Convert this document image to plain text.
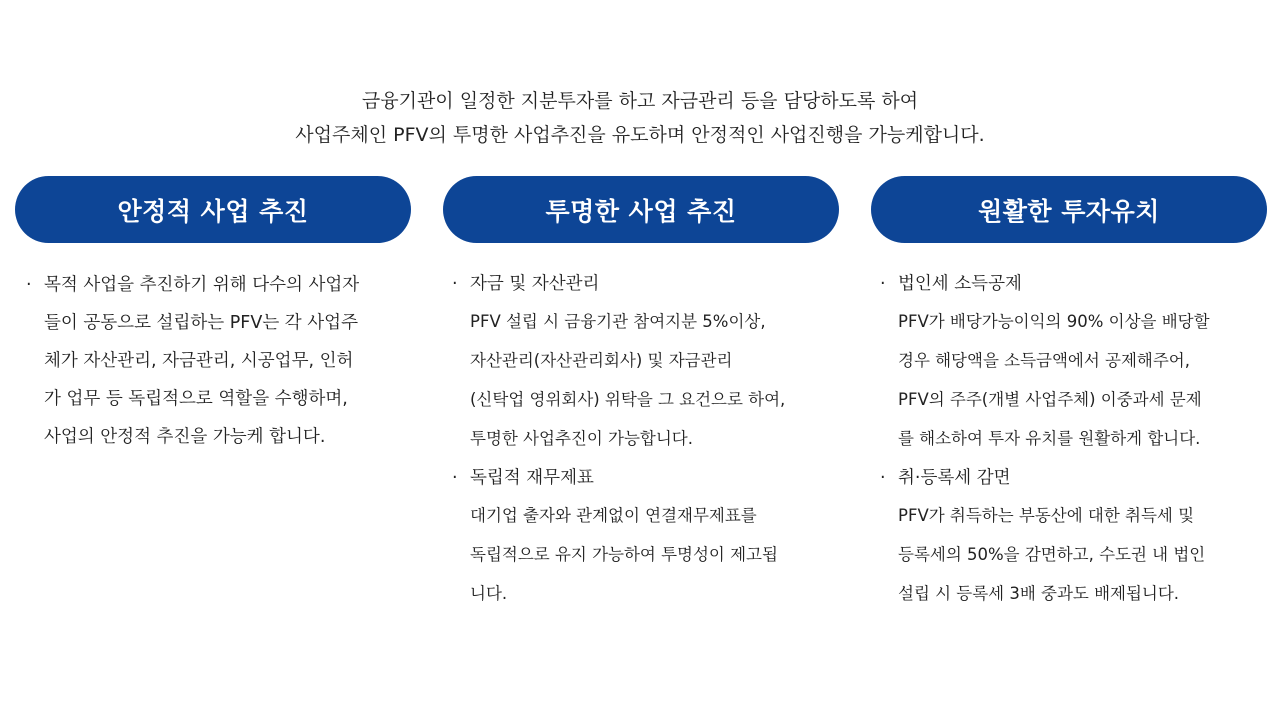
금융기관이 일정한 지분투자를 하고 자금관리 등을 담당하도록 하여
사업주체인 PFV의 투명한 사업추진을 유도하며 안정적인 사업진행을 가능케합니다.
안정적 사업 추진	투명한 사업 추진	원활한 투자유치
· 목적 사업을 추진하기 위해 다수의 사업자
들이 공동으로 설립하는 PFV는 각 사업주
체가 자산관리, 자금관리, 시공업무, 인허
가 업무 등 독립적으로 역할을 수행하며,
사업의 안정적 추진을 가능케 합니다.
· 자금 및 자산관리
PFV 설립 시 금융기관 참여지분 5%이상,
자산관리(자산관리회사) 및 자금관리
(신탁업 영위회사) 위탁을 그 요건으로 하여,
투명한 사업추진이 가능합니다.
· 독립적 재무제표
대기업 출자와 관계없이 연결재무제표를
독립적으로 유지 가능하여 투명성이 제고됩
니다.
· 법인세 소득공제
PFV가 배당가능이익의 90% 이상을 배당할
경우 해당액을 소득금액에서 공제해주어,
PFV의 주주(개별 사업주체) 이중과세 문제
를 해소하여 투자 유치를 원활하게 합니다.
· 취·등록세 감면
PFV가 취득하는 부동산에 대한 취득세 및
등록세의 50%을 감면하고, 수도권 내 법인
설립 시 등록세 3배 중과도 배제됩니다.
